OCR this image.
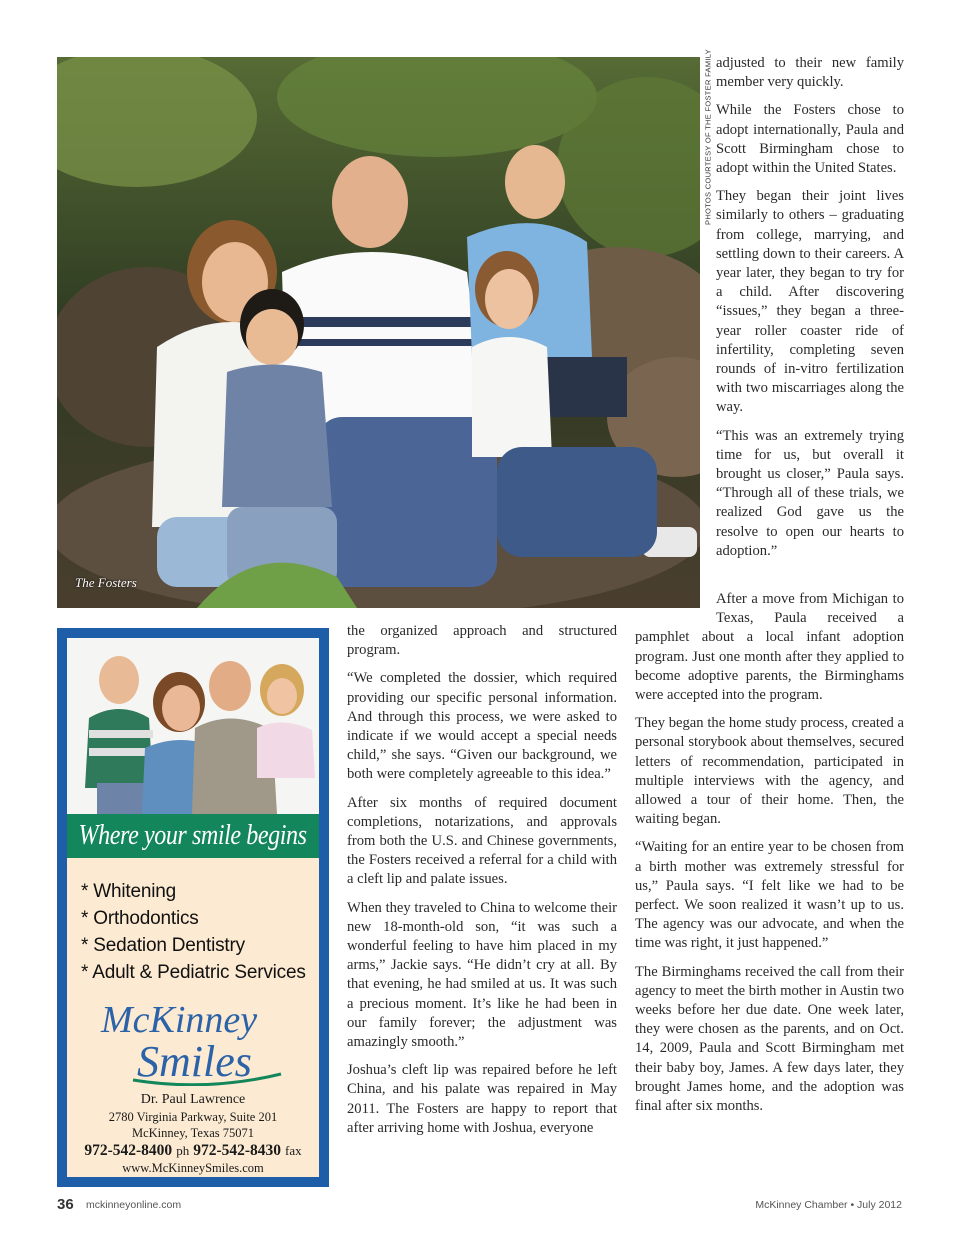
The Fosters
PHOTOS COURTESY OF THE FOSTER FAMILY adjusted to their new family member very quickly.

While the Fosters chose to adopt internationally, Paula and Scott Birmingham chose to adopt within the United States.

They began their joint lives similarly to others – graduating from college, marrying, and settling down to their careers. A year later, they began to try for a child. After discovering “issues,” they began a three-year roller coaster ride of infertility, completing seven rounds of in-vitro fertilization with two miscarriages along the way.

“This was an extremely trying time for us, but overall it brought us closer,” Paula says. “Through all of these trials, we realized God gave us the resolve to open our hearts to adoption.”

Where your smile begins
* Whitening
* Orthodontics
* Sedation Dentistry
* Adult & Pediatric Services
McKinney
Smiles
Dr. Paul Lawrence
2780 Virginia Parkway, Suite 201
McKinney, Texas 75071
972-542-8400 ph 972-542-8430 fax
www.McKinneySmiles.com

the organized approach and structured program.

“We completed the dossier, which required providing our specific personal information. And through this process, we were asked to indicate if we would accept a special needs child,” she says. “Given our background, we both were completely agreeable to this idea.”

After six months of required document completions, notarizations, and approvals from both the U.S. and Chinese governments, the Fosters received a referral for a child with a cleft lip and palate issues.

When they traveled to China to welcome their new 18-month-old son, “it was such a wonderful feeling to have him placed in my arms,” Jackie says. “He didn’t cry at all. By that evening, he had smiled at us. It was such a precious moment. It’s like he had been in our family forever; the adjustment was amazingly smooth.”

Joshua’s cleft lip was repaired before he left China, and his palate was repaired in May 2011. The Fosters are happy to report that after arriving home with Joshua, everyone

After a move from Michigan to Texas, Paula received a pamphlet about a local infant adoption program. Just one month after they applied to become adoptive parents, the Birminghams were accepted into the program.

They began the home study process, created a personal storybook about themselves, secured letters of recommendation, participated in multiple interviews with the agency, and allowed a tour of their home. Then, the waiting began.

“Waiting for an entire year to be chosen from a birth mother was extremely stressful for us,” Paula says. “I felt like we had to be perfect. We soon realized it wasn’t up to us. The agency was our advocate, and when the time was right, it just happened.”

The Birminghams received the call from their agency to meet the birth mother in Austin two weeks before her due date. One week later, they were chosen as the parents, and on Oct. 14, 2009, Paula and Scott Birmingham met their baby boy, James. A few days later, they brought James home, and the adoption was final after six months.

36 mckinneyonline.com	McKinney Chamber • July 2012
